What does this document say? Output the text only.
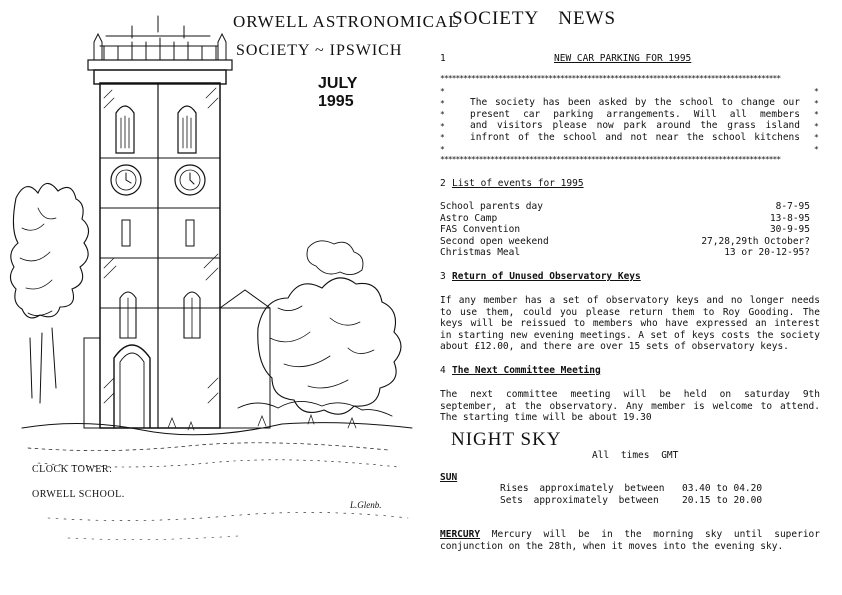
ORWELL ASTRONOMICAL
SOCIETY ~ IPSWICH
JULY
1995
CLOCK TOWER:
ORWELL SCHOOL.
L.Glenb.
SOCIETY NEWS
1	NEW CAR PARKING FOR 1995
****************************************************************************************
*
*
*
*
*
*
*
*
*
*
*
*
The society has been asked by the school to change our
present car parking arrangements. Will all members
and visitors please now park around the grass island
infront of the school and not near the school kitchens
****************************************************************************************
2 List of events for 1995
School parents day	8-7-95
Astro Camp	13-8-95
FAS Convention	30-9-95
Second open weekend	27,28,29th October?
Christmas Meal	13 or 20-12-95?
3 Return of Unused Observatory Keys
If any member has a set of observatory keys and no longer needs
to use them, could you please return them to Roy Gooding. The
keys will be reissued to members who have expressed an interest
in starting new evening meetings. A set of keys costs the society
about £12.00, and there are over 15 sets of observatory keys.
4 The Next Committee Meeting
The next committee meeting will be held on saturday 9th
september, at the observatory. Any member is welcome to attend.
The starting time will be about 19.30
NIGHT SKY
All times GMT
SUN
Rises approximately between 03.40 to 04.20
Sets approximately between 20.15 to 20.00
MERCURY Mercury will be in the morning sky until superior
conjunction on the 28th, when it moves into the evening sky.
